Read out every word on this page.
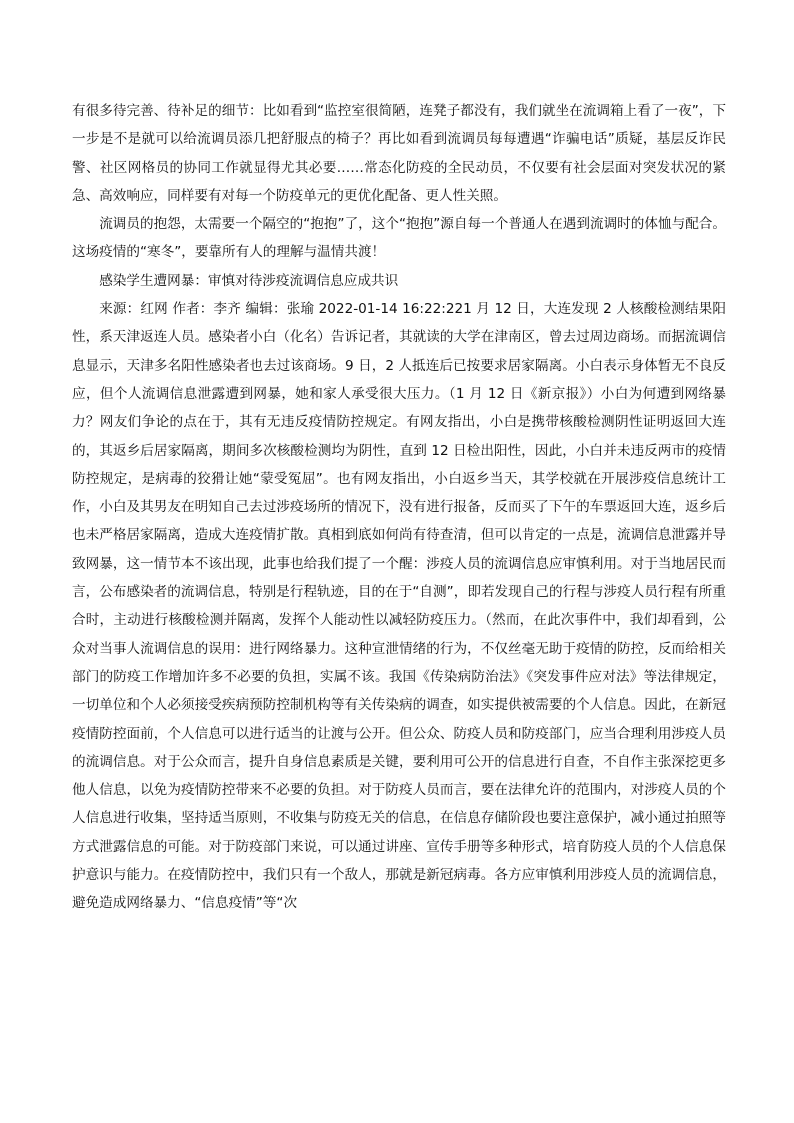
有很多待完善、待补足的细节：比如看到“监控室很简陋，连凳子都没有，我们就坐在流调箱上看了一夜”，下一步是不是就可以给流调员添几把舒服点的椅子？再比如看到流调员每每遭遇“诈骗电话”质疑，基层反诈民警、社区网格员的协同工作就显得尤其必要……常态化防疫的全民动员，不仅要有社会层面对突发状况的紧急、高效响应，同样要有对每一个防疫单元的更优化配备、更人性关照。

流调员的抱怨，太需要一个隔空的“抱抱”了，这个“抱抱”源自每一个普通人在遇到流调时的体恤与配合。这场疫情的“寒冬”，要靠所有人的理解与温情共渡！

感染学生遭网暴：审慎对待涉疫流调信息应成共识

来源：红网 作者：李齐 编辑：张瑜 2022-01-14 16:22:221 月 12 日，大连发现 2 人核酸检测结果阳性，系天津返连人员。感染者小白（化名）告诉记者，其就读的大学在津南区，曾去过周边商场。而据流调信息显示，天津多名阳性感染者也去过该商场。9 日，2 人抵连后已按要求居家隔离。小白表示身体暂无不良反应，但个人流调信息泄露遭到网暴，她和家人承受很大压力。（1 月 12 日《新京报》）小白为何遭到网络暴力？网友们争论的点在于，其有无违反疫情防控规定。有网友指出，小白是携带核酸检测阴性证明返回大连的，其返乡后居家隔离，期间多次核酸检测均为阴性，直到 12 日检出阳性，因此，小白并未违反两市的疫情防控规定，是病毒的狡猾让她“蒙受冤屈”。也有网友指出，小白返乡当天，其学校就在开展涉疫信息统计工作，小白及其男友在明知自己去过涉疫场所的情况下，没有进行报备，反而买了下午的车票返回大连，返乡后也未严格居家隔离，造成大连疫情扩散。真相到底如何尚有待查清，但可以肯定的一点是，流调信息泄露并导致网暴，这一情节本不该出现，此事也给我们提了一个醒：涉疫人员的流调信息应审慎利用。对于当地居民而言，公布感染者的流调信息，特别是行程轨迹，目的在于“自测”，即若发现自己的行程与涉疫人员行程有所重合时，主动进行核酸检测并隔离，发挥个人能动性以减轻防疫压力。（然而，在此次事件中，我们却看到，公众对当事人流调信息的误用：进行网络暴力。这种宣泄情绪的行为，不仅丝毫无助于疫情的防控，反而给相关部门的防疫工作增加许多不必要的负担，实属不该。我国《传染病防治法》《突发事件应对法》等法律规定，一切单位和个人必须接受疾病预防控制机构等有关传染病的调查，如实提供被需要的个人信息。因此，在新冠疫情防控面前，个人信息可以进行适当的让渡与公开。但公众、防疫人员和防疫部门，应当合理利用涉疫人员的流调信息。对于公众而言，提升自身信息素质是关键，要利用可公开的信息进行自查，不自作主张深挖更多他人信息，以免为疫情防控带来不必要的负担。对于防疫人员而言，要在法律允许的范围内，对涉疫人员的个人信息进行收集，坚持适当原则，不收集与防疫无关的信息，在信息存储阶段也要注意保护，减小通过拍照等方式泄露信息的可能。对于防疫部门来说，可以通过讲座、宣传手册等多种形式，培育防疫人员的个人信息保护意识与能力。在疫情防控中，我们只有一个敌人，那就是新冠病毒。各方应审慎利用涉疫人员的流调信息，避免造成网络暴力、“信息疫情”等“次
